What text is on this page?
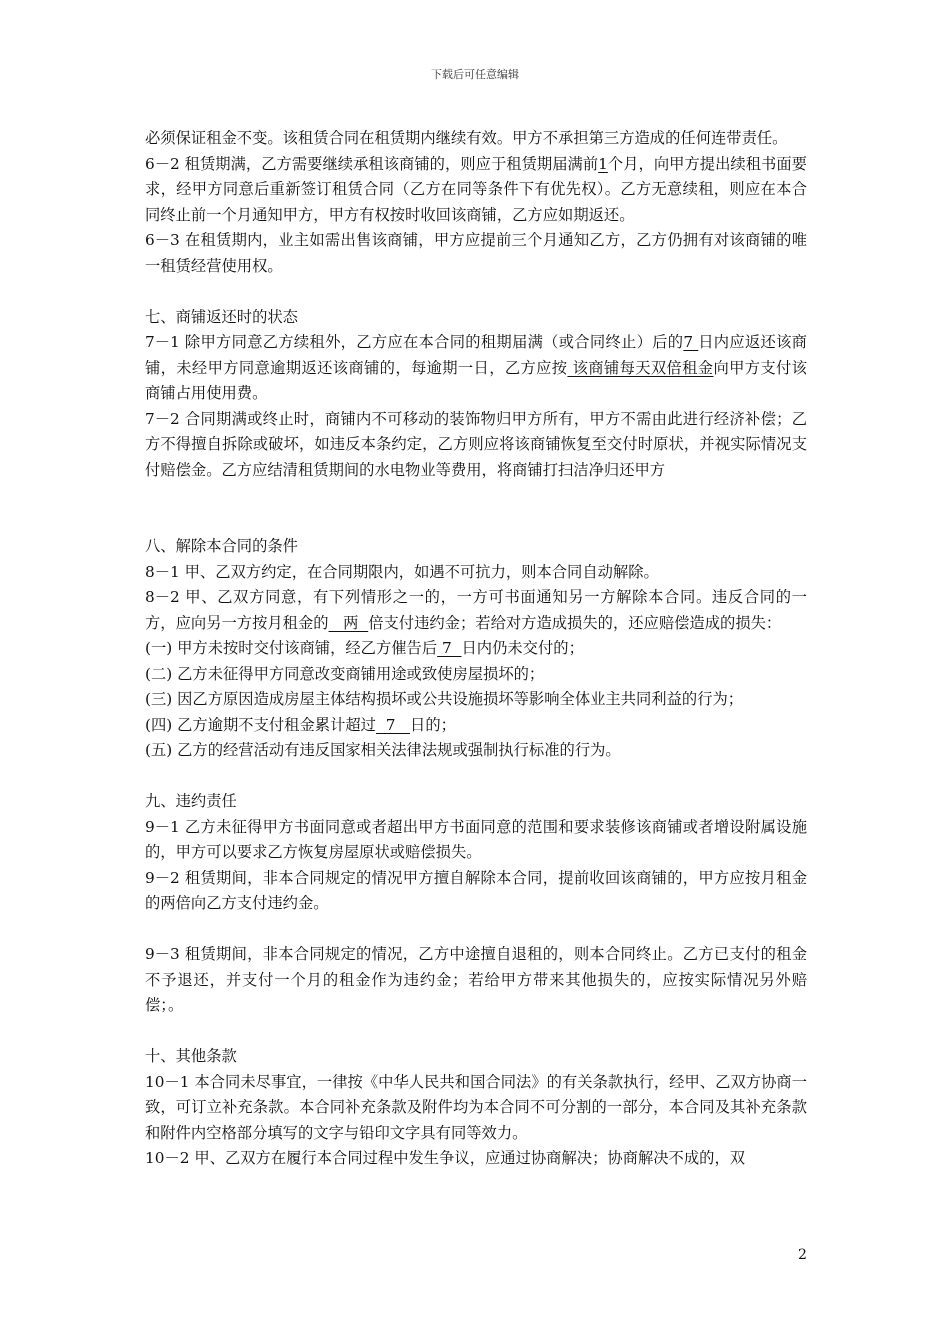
下载后可任意编辑

必须保证租金不变。该租赁合同在租赁期内继续有效。甲方不承担第三方造成的任何连带责任。

6－2 租赁期满，乙方需要继续承租该商铺的，则应于租赁期届满前1个月，向甲方提出续租书面要求，经甲方同意后重新签订租赁合同（乙方在同等条件下有优先权）。乙方无意续租，则应在本合同终止前一个月通知甲方，甲方有权按时收回该商铺，乙方应如期返还。

6－3 在租赁期内，业主如需出售该商铺，甲方应提前三个月通知乙方，乙方仍拥有对该商铺的唯一租赁经营使用权。

七、商铺返还时的状态

7－1 除甲方同意乙方续租外，乙方应在本合同的租期届满（或合同终止）后的7 日内应返还该商铺，未经甲方同意逾期返还该商铺的，每逾期一日，乙方应按 该商铺每天双倍租金向甲方支付该商铺占用使用费。

7－2 合同期满或终止时，商铺内不可移动的装饰物归甲方所有，甲方不需由此进行经济补偿；乙方不得擅自拆除或破坏，如违反本条约定，乙方则应将该商铺恢复至交付时原状，并视实际情况支付赔偿金。乙方应结清租赁期间的水电物业等费用，将商铺打扫洁净归还甲方

八、解除本合同的条件

8－1 甲、乙双方约定，在合同期限内，如遇不可抗力，则本合同自动解除。

8－2 甲、乙双方同意，有下列情形之一的，一方可书面通知另一方解除本合同。违反合同的一方，应向另一方按月租金的   两  倍支付违约金；若给对方造成损失的，还应赔偿造成的损失：

(一) 甲方未按时交付该商铺，经乙方催告后 7  日内仍未交付的；

(二) 乙方未征得甲方同意改变商铺用途或致使房屋损坏的；

(三) 因乙方原因造成房屋主体结构损坏或公共设施损坏等影响全体业主共同利益的行为；

(四) 乙方逾期不支付租金累计超过  7   日的；

(五) 乙方的经营活动有违反国家相关法律法规或强制执行标准的行为。

九、违约责任

9－1 乙方未征得甲方书面同意或者超出甲方书面同意的范围和要求装修该商铺或者增设附属设施的，甲方可以要求乙方恢复房屋原状或赔偿损失。

9－2 租赁期间，非本合同规定的情况甲方擅自解除本合同，提前收回该商铺的，甲方应按月租金的两倍向乙方支付违约金。

9－3 租赁期间，非本合同规定的情况，乙方中途擅自退租的，则本合同终止。乙方已支付的租金不予退还，并支付一个月的租金作为违约金；若给甲方带来其他损失的，应按实际情况另外赔偿；。

十、其他条款

10－1 本合同未尽事宜，一律按《中华人民共和国合同法》的有关条款执行，经甲、乙双方协商一致，可订立补充条款。本合同补充条款及附件均为本合同不可分割的一部分，本合同及其补充条款和附件内空格部分填写的文字与铅印文字具有同等效力。

10－2 甲、乙双方在履行本合同过程中发生争议，应通过协商解决；协商解决不成的，双

2
